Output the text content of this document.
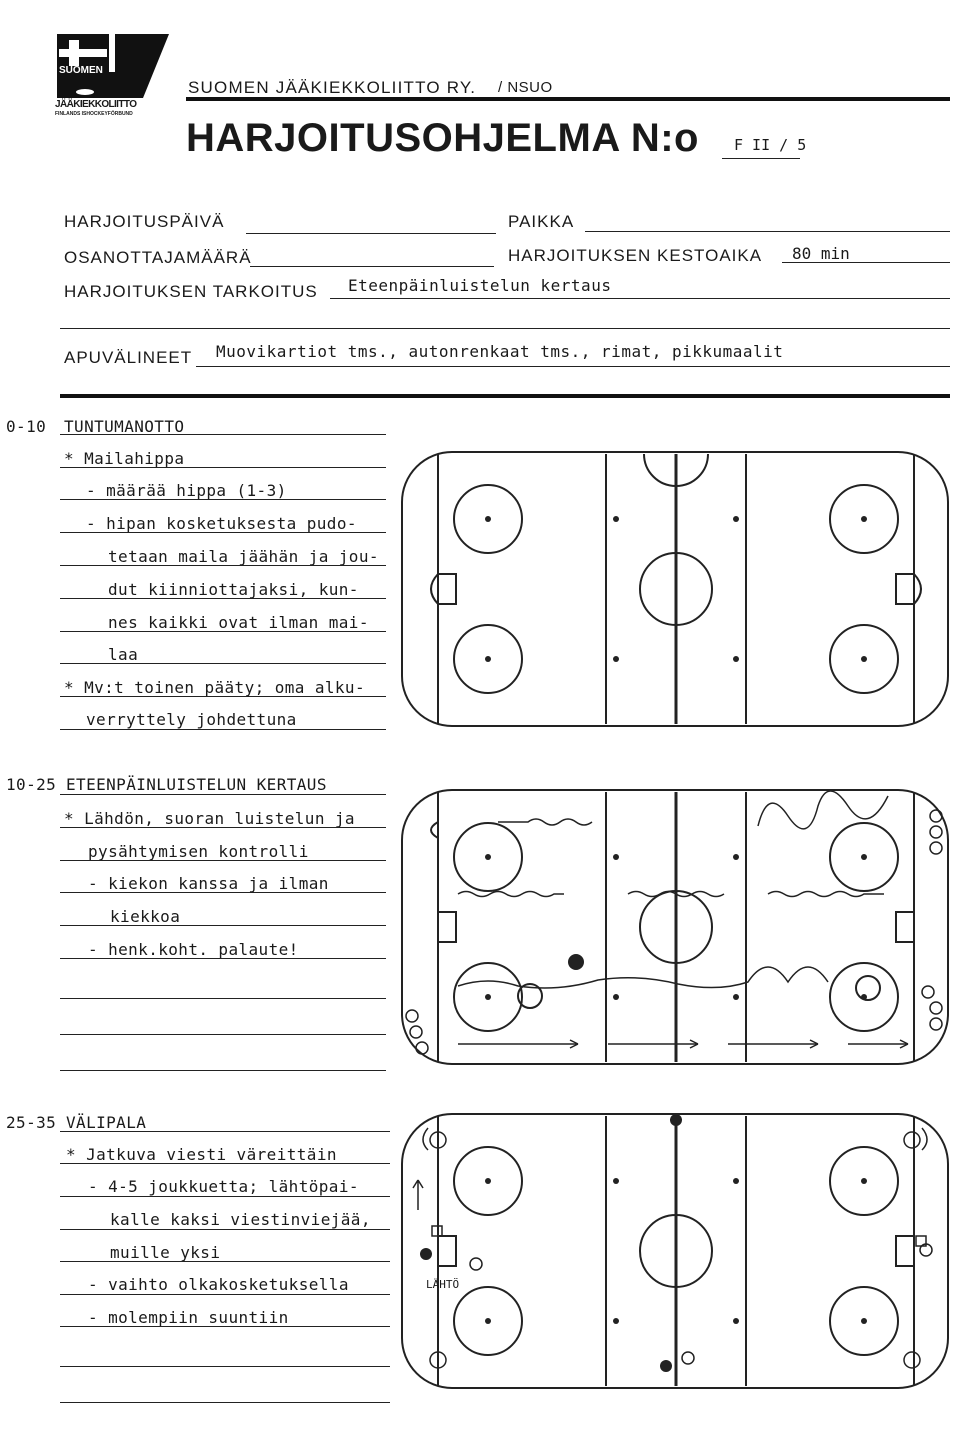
SUOMEN
JÄÄKIEKKOLIITTO
FINLANDS ISHOCKEYFÖRBUND
SUOMEN JÄÄKIEKKOLIITTO RY. / NSUO
HARJOITUSOHJELMA N:o F II / 5
HARJOITUSPÄIVÄ	PAIKKA
OSANOTTAJAMÄÄRÄ	HARJOITUKSEN KESTOAIKA 80 min
HARJOITUKSEN TARKOITUS Eteenpäinluistelun kertaus
APUVÄLINEET Muovikartiot tms., autonrenkaat tms., rimat, pikkumaalit
0-10 TUNTUMANOTTO
* Mailahippa
- määrää hippa (1-3)
- hipan kosketuksesta pudo-
tetaan maila jäähän ja jou-
dut kiinniottajaksi, kun-
nes kaikki ovat ilman mai-
laa
* Mv:t toinen pääty; oma alku-
verryttely johdettuna
10-25 ETEENPÄINLUISTELUN KERTAUS
* Lähdön, suoran luistelun ja
pysähtymisen kontrolli
- kiekon kanssa ja ilman
kiekkoa
- henk.koht. palaute!
25-35 VÄLIPALA
* Jatkuva viesti väreittäin
- 4-5 joukkuetta; lähtöpai-
kalle kaksi viestinviejää,
muille yksi
- vaihto olkakosketuksella
- molempiin suuntiin
LÄHTÖ
